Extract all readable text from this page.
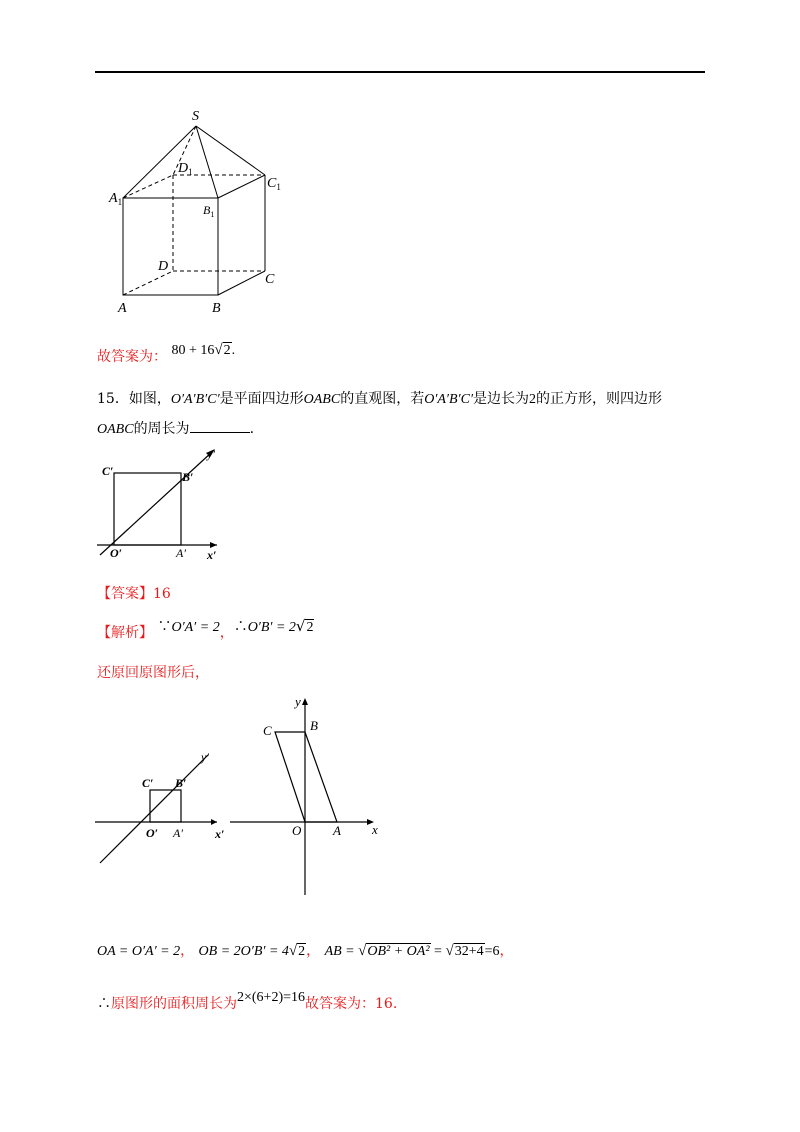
S
$D_1$
$C_1$
$A_1$
$B_1$
D
C
A	B
故答案为： 80 + 16√2.
15．如图，O′A′B′C′是平面四边形OABC的直观图，若O′A′B′C′是边长为2的正方形，则四边形
OABC的周长为	.
y′
C′	B′
O′	A′ x′
【答案】16
【解析】 ∵O′A′ = 2，∴O′B′ = 2√2
还原回原图形后，
y′
C′ B′
O′ A′	x′
y
C	B
O A x
OA = O′A′ = 2， OB = 2O′B′ = 4√2， AB = √OB² + OA² = √32+4=6，
∴原图形的面积周长为2×(6+2)=16故答案为：16.
